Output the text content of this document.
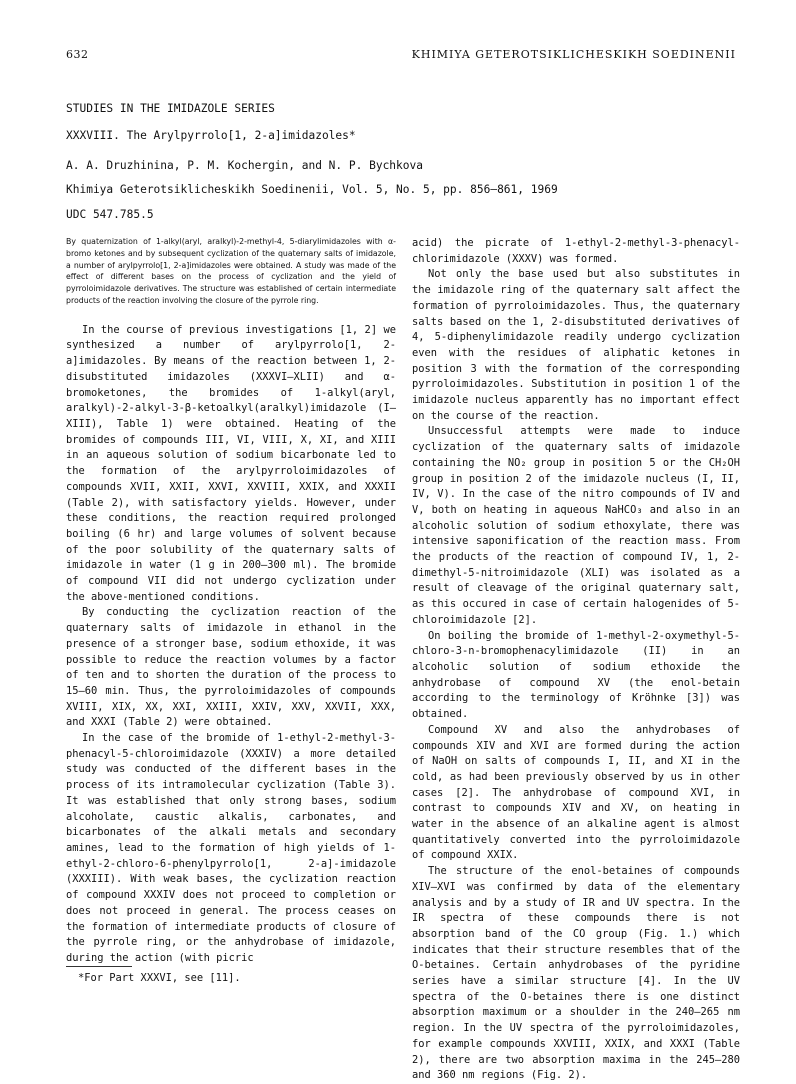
632	KHIMIYA GETEROTSIKLICHESKIKH SOEDINENII
STUDIES IN THE IMIDAZOLE SERIES
XXXVIII. The Arylpyrrolo[1, 2-a]imidazoles*
A. A. Druzhinina, P. M. Kochergin, and N. P. Bychkova
Khimiya Geterotsiklicheskikh Soedinenii, Vol. 5, No. 5, pp. 856–861, 1969
UDC 547.785.5

By quaternization of 1-alkyl(aryl, aralkyl)-2-methyl-4, 5-diarylimidazoles with α-bromo ketones and by subsequent cyclization of the quaternary salts of imidazole, a number of arylpyrrolo[1, 2-a]imidazoles were obtained. A study was made of the effect of different bases on the process of cyclization and the yield of pyrroloimidazole derivatives. The structure was established of certain intermediate products of the reaction involving the closure of the pyrrole ring.

In the course of previous investigations [1, 2] we synthesized a number of arylpyrrolo[1, 2-a]imidazoles. By means of the reaction between 1, 2-disubstituted imidazoles (XXXVI–XLII) and α-bromoketones, the bromides of 1-alkyl(aryl, aralkyl)-2-alkyl-3-β-ketoalkyl(aralkyl)imidazole (I–XIII), Table 1) were obtained. Heating of the bromides of compounds III, VI, VIII, X, XI, and XIII in an aqueous solution of sodium bicarbonate led to the formation of the arylpyrroloimidazoles of compounds XVII, XXII, XXVI, XXVIII, XXIX, and XXXII (Table 2), with satisfactory yields. However, under these conditions, the reaction required prolonged boiling (6 hr) and large volumes of solvent because of the poor solubility of the quaternary salts of imidazole in water (1 g in 200–300 ml). The bromide of compound VII did not undergo cyclization under the above-mentioned conditions.

By conducting the cyclization reaction of the quaternary salts of imidazole in ethanol in the presence of a stronger base, sodium ethoxide, it was possible to reduce the reaction volumes by a factor of ten and to shorten the duration of the process to 15–60 min. Thus, the pyrroloimidazoles of compounds XVIII, XIX, XX, XXI, XXIII, XXIV, XXV, XXVII, XXX, and XXXI (Table 2) were obtained.

In the case of the bromide of 1-ethyl-2-methyl-3-phenacyl-5-chloroimidazole (XXXIV) a more detailed study was conducted of the different bases in the process of its intramolecular cyclization (Table 3). It was established that only strong bases, sodium alcoholate, caustic alkalis, carbonates, and bicarbonates of the alkali metals and secondary amines, lead to the formation of high yields of 1-ethyl-2-chloro-6-phenylpyrrolo[1, 2-a]-imidazole (XXXIII). With weak bases, the cyclization reaction of compound XXXIV does not proceed to completion or does not proceed in general. The process ceases on the formation of intermediate products of closure of the pyrrole ring, or the anhydrobase of imidazole, during the action (with picric

acid) the picrate of 1-ethyl-2-methyl-3-phenacyl-chlorimidazole (XXXV) was formed.

Not only the base used but also substitutes in the imidazole ring of the quaternary salt affect the formation of pyrroloimidazoles. Thus, the quaternary salts based on the 1, 2-disubstituted derivatives of 4, 5-diphenylimidazole readily undergo cyclization even with the residues of aliphatic ketones in position 3 with the formation of the corresponding pyrroloimidazoles. Substitution in position 1 of the imidazole nucleus apparently has no important effect on the course of the reaction.

Unsuccessful attempts were made to induce cyclization of the quaternary salts of imidazole containing the NO₂ group in position 5 or the CH₂OH group in position 2 of the imidazole nucleus (I, II, IV, V). In the case of the nitro compounds of IV and V, both on heating in aqueous NaHCO₃ and also in an alcoholic solution of sodium ethoxylate, there was intensive saponification of the reaction mass. From the products of the reaction of compound IV, 1, 2-dimethyl-5-nitroimidazole (XLI) was isolated as a result of cleavage of the original quaternary salt, as this occured in case of certain halogenides of 5-chloroimidazole [2].

On boiling the bromide of 1-methyl-2-oxymethyl-5-chloro-3-n-bromophenacylimidazole (II) in an alcoholic solution of sodium ethoxide the anhydrobase of compound XV (the enol-betain according to the terminology of Kröhnke [3]) was obtained.

Compound XV and also the anhydrobases of compounds XIV and XVI are formed during the action of NaOH on salts of compounds I, II, and XI in the cold, as had been previously observed by us in other cases [2]. The anhydrobase of compound XVI, in contrast to compounds XIV and XV, on heating in water in the absence of an alkaline agent is almost quantitatively converted into the pyrroloimidazole of compound XXIX.

The structure of the enol-betaines of compounds XIV–XVI was confirmed by data of the elementary analysis and by a study of IR and UV spectra. In the IR spectra of these compounds there is not absorption band of the CO group (Fig. 1.) which indicates that their structure resembles that of the O-betaines. Certain anhydrobases of the pyridine series have a similar structure [4]. In the UV spectra of the O-betaines there is one distinct absorption maximum or a shoulder in the 240–265 nm region. In the UV spectra of the pyrroloimidazoles, for example compounds XXVIII, XXIX, and XXXI (Table 2), there are two absorption maxima in the 245–280 and 360 nm regions (Fig. 2).

*For Part XXXVI, see [11].
